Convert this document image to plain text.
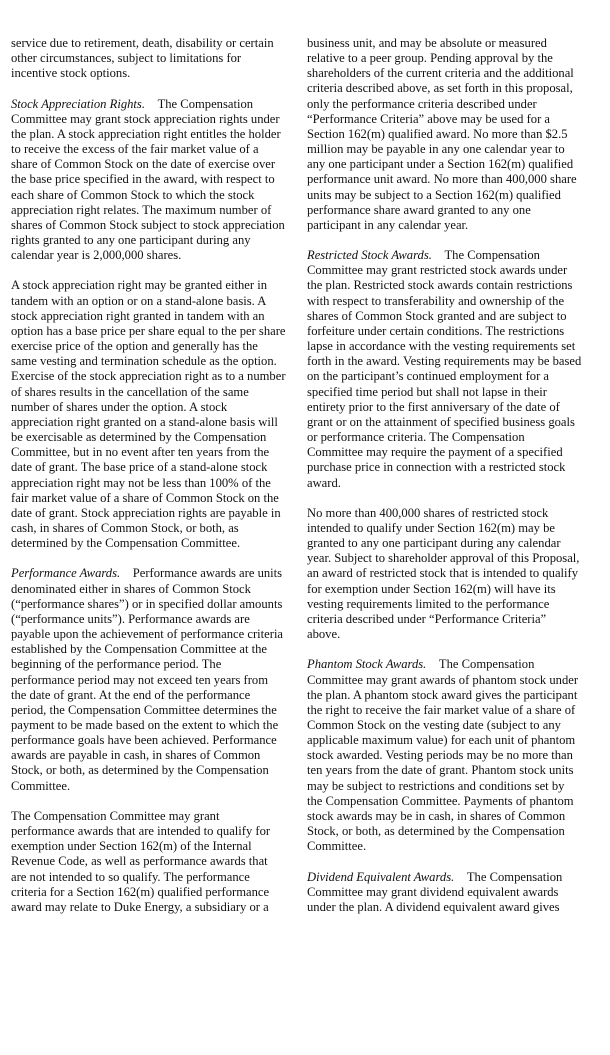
service due to retirement, death, disability or certain other circumstances, subject to limitations for incentive stock options.

Stock Appreciation Rights. The Compensation Committee may grant stock appreciation rights under the plan. A stock appreciation right entitles the holder to receive the excess of the fair market value of a share of Common Stock on the date of exercise over the base price specified in the award, with respect to each share of Common Stock to which the stock appreciation right relates. The maximum number of shares of Common Stock subject to stock appreciation rights granted to any one participant during any calendar year is 2,000,000 shares.

A stock appreciation right may be granted either in tandem with an option or on a stand-alone basis. A stock appreciation right granted in tandem with an option has a base price per share equal to the per share exercise price of the option and generally has the same vesting and termination schedule as the option. Exercise of the stock appreciation right as to a number of shares results in the cancellation of the same number of shares under the option. A stock appreciation right granted on a stand-alone basis will be exercisable as determined by the Compensation Committee, but in no event after ten years from the date of grant. The base price of a stand-alone stock appreciation right may not be less than 100% of the fair market value of a share of Common Stock on the date of grant. Stock appreciation rights are payable in cash, in shares of Common Stock, or both, as determined by the Compensation Committee.

Performance Awards. Performance awards are units denominated either in shares of Common Stock (“performance shares”) or in specified dollar amounts (“performance units”). Performance awards are payable upon the achievement of performance criteria established by the Compensation Committee at the beginning of the performance period. The performance period may not exceed ten years from the date of grant. At the end of the performance period, the Compensation Committee determines the payment to be made based on the extent to which the performance goals have been achieved. Performance awards are payable in cash, in shares of Common Stock, or both, as determined by the Compensation Committee.

The Compensation Committee may grant performance awards that are intended to qualify for exemption under Section 162(m) of the Internal Revenue Code, as well as performance awards that are not intended to so qualify. The performance criteria for a Section 162(m) qualified performance award may relate to Duke Energy, a subsidiary or a

business unit, and may be absolute or measured relative to a peer group. Pending approval by the shareholders of the current criteria and the additional criteria described above, as set forth in this proposal, only the performance criteria described under “Performance Criteria” above may be used for a Section 162(m) qualified award. No more than $2.5 million may be payable in any one calendar year to any one participant under a Section 162(m) qualified performance unit award. No more than 400,000 share units may be subject to a Section 162(m) qualified performance share award granted to any one participant in any calendar year.

Restricted Stock Awards. The Compensation Committee may grant restricted stock awards under the plan. Restricted stock awards contain restrictions with respect to transferability and ownership of the shares of Common Stock granted and are subject to forfeiture under certain conditions. The restrictions lapse in accordance with the vesting requirements set forth in the award. Vesting requirements may be based on the participant’s continued employment for a specified time period but shall not lapse in their entirety prior to the first anniversary of the date of grant or on the attainment of specified business goals or performance criteria. The Compensation Committee may require the payment of a specified purchase price in connection with a restricted stock award.

No more than 400,000 shares of restricted stock intended to qualify under Section 162(m) may be granted to any one participant during any calendar year. Subject to shareholder approval of this Proposal, an award of restricted stock that is intended to qualify for exemption under Section 162(m) will have its vesting requirements limited to the performance criteria described under “Performance Criteria” above.

Phantom Stock Awards. The Compensation Committee may grant awards of phantom stock under the plan. A phantom stock award gives the participant the right to receive the fair market value of a share of Common Stock on the vesting date (subject to any applicable maximum value) for each unit of phantom stock awarded. Vesting periods may be no more than ten years from the date of grant. Phantom stock units may be subject to restrictions and conditions set by the Compensation Committee. Payments of phantom stock awards may be in cash, in shares of Common Stock, or both, as determined by the Compensation Committee.

Dividend Equivalent Awards. The Compensation Committee may grant dividend equivalent awards under the plan. A dividend equivalent award gives
